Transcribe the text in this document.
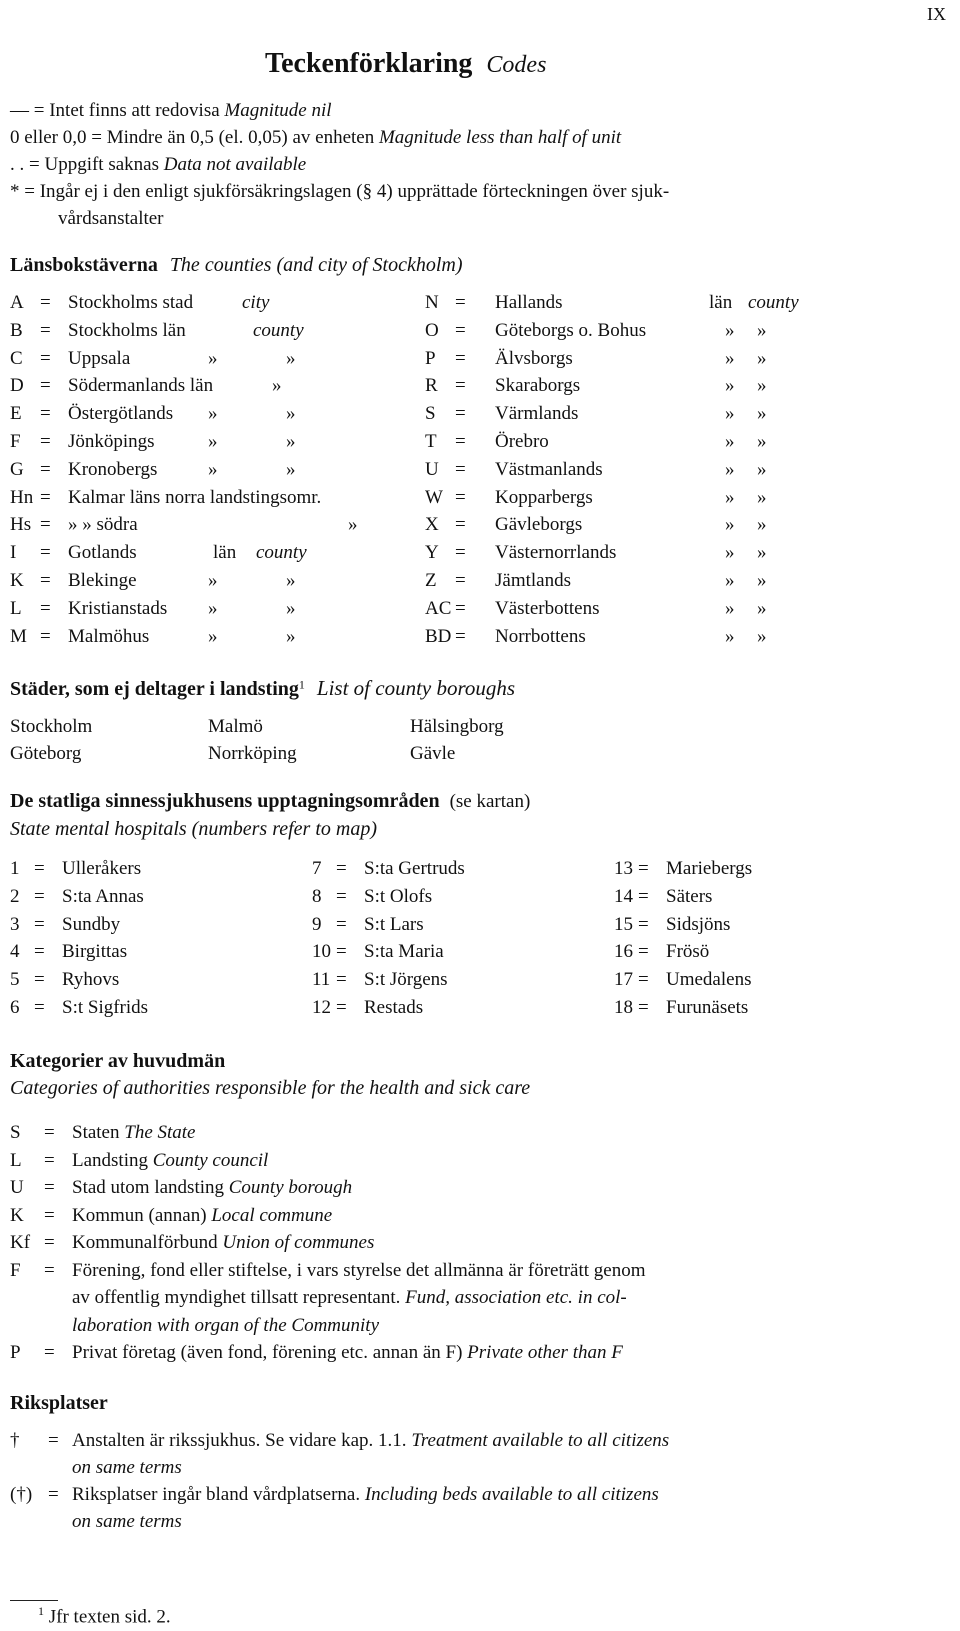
IX
Teckenförklaring Codes
— = Intet finns att redovisa Magnitude nil
0 eller 0,0 = Mindre än 0,5 (el. 0,05) av enheten Magnitude less than half of unit
. . = Uppgift saknas Data not available
* = Ingår ej i den enligt sjukförsäkringslagen (§ 4) upprättade förteckningen över sjuk-
vårdsanstalter
Länsbokstäverna The counties (and city of Stockholm)
A = Stockholms stad	city
B = Stockholms län	county
C = Uppsala	»	»
D = Södermanlands län	»
E = Östergötlands »	»
F = Jönköpings	»	»
G = Kronobergs	»	»
Hn = Kalmar läns norra landstingsomr.
Hs = » » södra	»
I = Gotlands	län county
K = Blekinge	»	»
L = Kristianstads »	»
M = Malmöhus	»	»
N = Hallands	län county
O = Göteborgs o. Bohus	» »
P = Älvsborgs	» »
R = Skaraborgs	» »
S = Värmlands	» »
T = Örebro	» »
U = Västmanlands	» »
W = Kopparbergs	» »
X = Gävleborgs	» »
Y = Västernorrlands	» »
Z = Jämtlands	» »
AC = Västerbottens	» »
BD = Norrbottens	» »
Städer, som ej deltager i landsting$^1$ List of county boroughs
Stockholm	Malmö	Hälsingborg
Göteborg	Norrköping	Gävle
De statliga sinnessjukhusens upptagningsområden (se kartan)
State mental hospitals (numbers refer to map)
1 = Ulleråkers
2 = S:ta Annas
3 = Sundby
4 = Birgittas
5 = Ryhovs
6 = S:t Sigfrids
7 = S:ta Gertruds
8 = S:t Olofs
9 = S:t Lars
10 = S:ta Maria
11 = S:t Jörgens
12 = Restads
13 = Mariebergs
14 = Säters
15 = Sidsjöns
16 = Frösö
17 = Umedalens
18 = Furunäsets
Kategorier av huvudmän
Categories of authorities responsible for the health and sick care
S = Staten The State
L = Landsting County council
U = Stad utom landsting County borough
K = Kommun (annan) Local commune
Kf = Kommunalförbund Union of communes
F = Förening, fond eller stiftelse, i vars styrelse det allmänna är företrätt genom
av offentlig myndighet tillsatt representant. Fund, association etc. in col-
laboration with organ of the Community
P = Privat företag (även fond, förening etc. annan än F) Private other than F
Riksplatser
† = Anstalten är rikssjukhus. Se vidare kap. 1.1. Treatment available to all citizens
on same terms
(†) = Riksplatser ingår bland vårdplatserna. Including beds available to all citizens
on same terms
$^1$ Jfr texten sid. 2.
